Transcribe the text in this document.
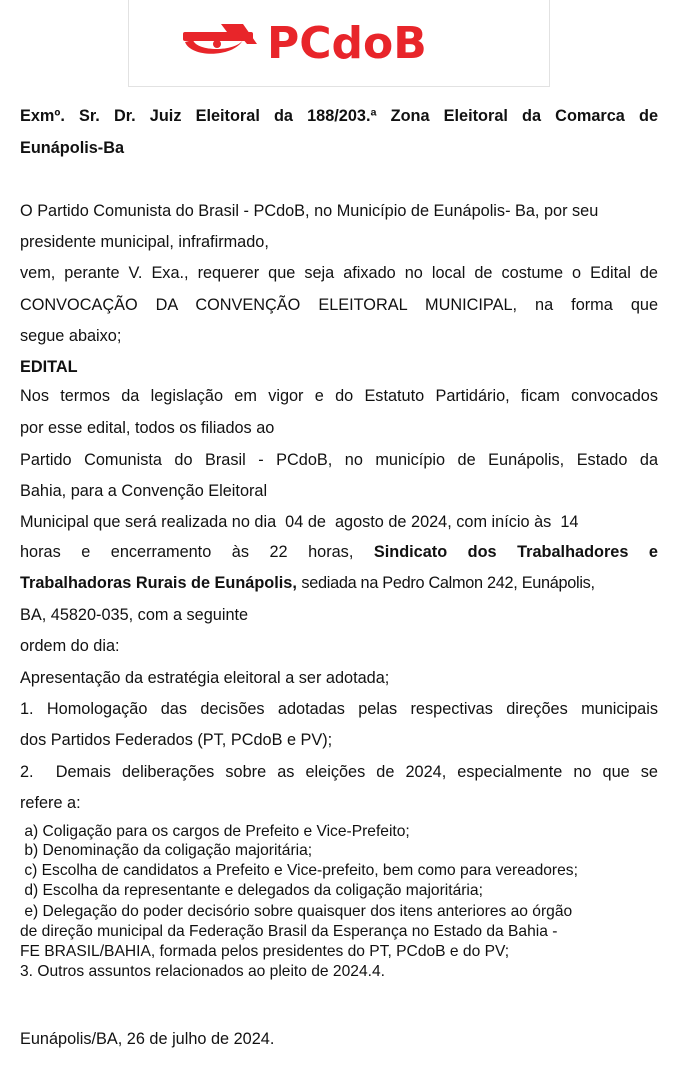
PCdoB

Exmº. Sr. Dr. Juiz Eleitoral da 188/203.ª Zona Eleitoral da Comarca de

Eunápolis-Ba

O Partido Comunista do Brasil - PCdoB, no Município de Eunápolis- Ba, por seu

presidente municipal, infrafirmado,

vem, perante V. Exa., requerer que seja afixado no local de costume o Edital de

CONVOCAÇÃO DA CONVENÇÃO ELEITORAL MUNICIPAL, na forma que

segue abaixo;

EDITAL

Nos termos da legislação em vigor e do Estatuto Partidário, ficam convocados

por esse edital, todos os filiados ao

Partido Comunista do Brasil - PCdoB, no município de Eunápolis, Estado da

Bahia, para a Convenção Eleitoral

Municipal que será realizada no dia  04 de  agosto de 2024, com início às  14

horas e encerramento às 22 horas, Sindicato dos Trabalhadores e

Trabalhadoras Rurais de Eunápolis, sediada na Pedro Calmon 242, Eunápolis,

BA, 45820-035, com a seguinte

ordem do dia:

Apresentação da estratégia eleitoral a ser adotada;

1. Homologação das decisões adotadas pelas respectivas direções municipais

dos Partidos Federados (PT, PCdoB e PV);

2.  Demais deliberações sobre as eleições de 2024, especialmente no que se

refere a:

a) Coligação para os cargos de Prefeito e Vice-Prefeito;

b) Denominação da coligação majoritária;

c) Escolha de candidatos a Prefeito e Vice-prefeito, bem como para vereadores;

d) Escolha da representante e delegados da coligação majoritária;

e) Delegação do poder decisório sobre quaisquer dos itens anteriores ao órgão

de direção municipal da Federação Brasil da Esperança no Estado da Bahia -

FE BRASIL/BAHIA, formada pelos presidentes do PT, PCdoB e do PV;

3. Outros assuntos relacionados ao pleito de 2024.4.

Eunápolis/BA, 26 de julho de 2024.
